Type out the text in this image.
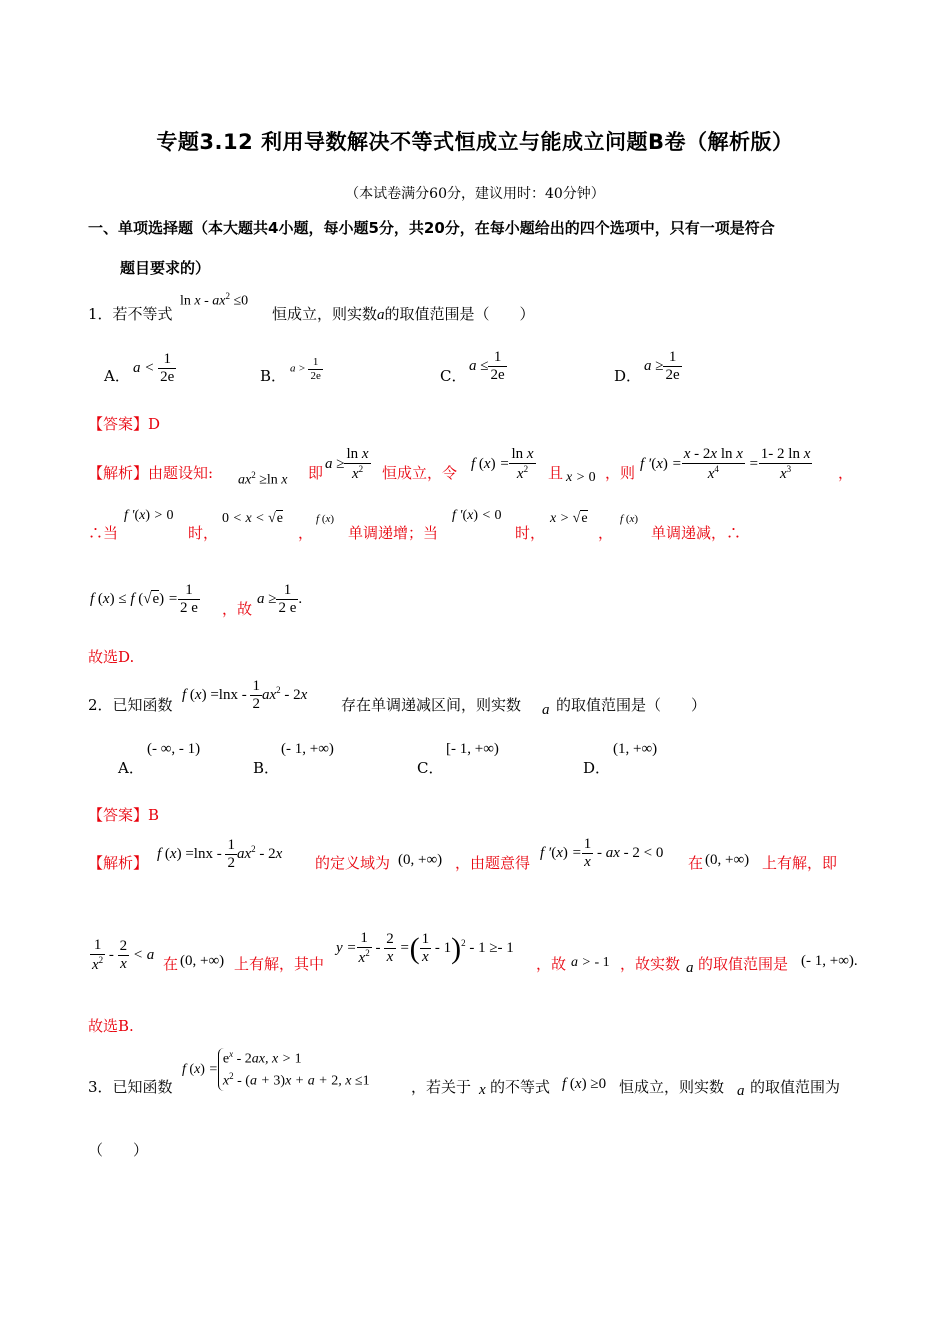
专题3.12 利用导数解决不等式恒成立与能成立问题B卷（解析版）
（本试卷满分60分，建议用时：40分钟）
一、单项选择题（本大题共4小题，每小题5分，共20分，在每小题给出的四个选项中，只有一项是符合
题目要求的）
1．若不等式
$\ln x - ax^2 \le 0$
恒成立，则实数a的取值范围是（　　）
A． $a < \frac{1}{2e}$	B． $a > \frac{1}{2e}$	C．
$a \le \frac{1}{2e}$	D．
$a \ge \frac{1}{2e}$
【答案】D
【解析】由题设知: $ax^2 \ge\ln$ x 即 $a \ge \frac{\text{ln x}}{x^2}$ 恒成立，令 f $(x) = \frac{\text{ln x}}{x^2}$ 且 x > 0 ，则 f $'(x) = \frac{\text{x - 2x ln x}}{x^4} = \frac{\text{1- 2 ln x}}{x^3}$ ，
∴当
f ′(x) > 0
时，
0 < x < √e
，
f (x)
单调递增；当
f ′(x) < 0
时，
x > √e
，
f (x)
单调递减，∴
f (x) ≤ f $(√e) = \frac{1}{2 e}$ ，故
$a \ge \frac{1}{2 e}$ .
故选D.
2．已知函数
f $(x) =\ln x - \frac{1}{2} ax^2 - 2x$
存在单调递减区间，则实数 a 的取值范围是（　　）
A．
(- ∞, - 1)
B．
(- 1, +∞)
C．
[- 1, +∞)
D．
(1, +∞)
【答案】B
【解析】 f $(x) =\ln x - \frac{1}{2} ax^2 - 2x$ 的定义域为 (0, +∞) ，由题意得
f $'(x) = \frac{1}{x}$ - ax - 2 < 0
在 (0, +∞) 上有解，即
$\frac{1}{x^2} - \frac{2}{x} < a$ 在 (0, +∞) 上有解，其中
$y = \frac{1}{x^2} - \frac{2}{x}$ =( $\frac{1}{x} - 1)^2 - 1 \ge- 1$
，故 a > - 1 ，故实数 a 的取值范围是 (- 1, +∞).
故选B.
3．已知函数
f $(x) =e^x - 2ax$, x > 1
$x^2 - (a + 3)x + a + 2$, x ≤1	，若关于 x 的不等式 f (x) ≥0 恒成立，则实数 a 的取值范围为
（　　）
